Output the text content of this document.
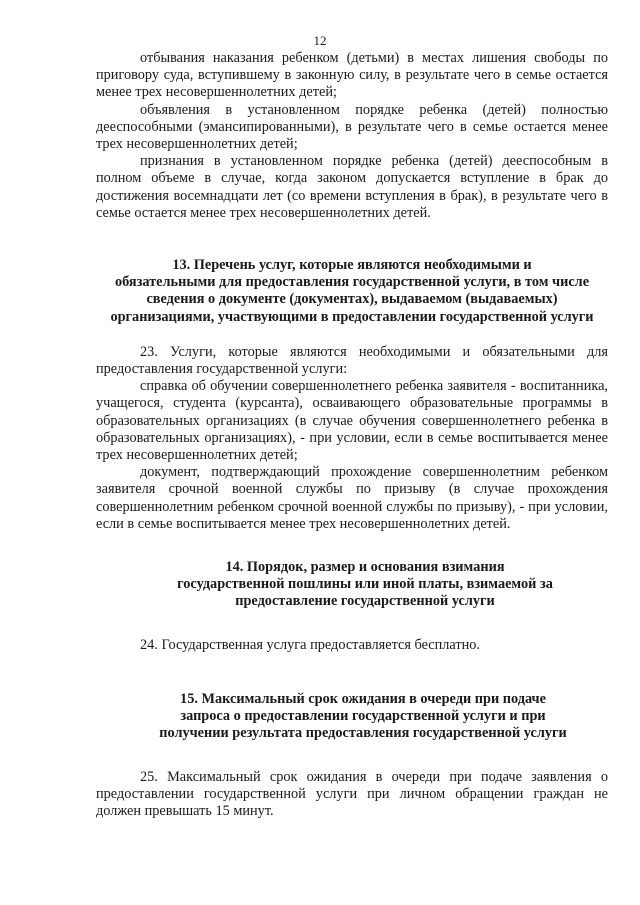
12

отбывания наказания ребенком (детьми) в местах лишения свободы по приговору суда, вступившему в законную силу, в результате чего в семье остается менее трех несовершеннолетних детей;

объявления в установленном порядке ребенка (детей) полностью дееспособными (эмансипированными), в результате чего в семье остается менее трех несовершеннолетних детей;

признания в установленном порядке ребенка (детей) дееспособным в полном объеме в случае, когда законом допускается вступление в брак до достижения восемнадцати лет (со времени вступления в брак), в результате чего в семье остается менее трех несовершеннолетних детей.

13. Перечень услуг, которые являются необходимыми и
обязательными для предоставления государственной услуги, в том числе
сведения о документе (документах), выдаваемом (выдаваемых)
организациями, участвующими в предоставлении государственной услуги

23. Услуги, которые являются необходимыми и обязательными для предоставления государственной услуги:

справка об обучении совершеннолетнего ребенка заявителя - воспитанника, учащегося, студента (курсанта), осваивающего образовательные программы в образовательных организациях (в случае обучения совершеннолетнего ребенка в образовательных организациях), - при условии, если в семье воспитывается менее трех несовершеннолетних детей;

документ, подтверждающий прохождение совершеннолетним ребенком заявителя срочной военной службы по призыву (в случае прохождения совершеннолетним ребенком срочной военной службы по призыву), - при условии, если в семье воспитывается менее трех несовершеннолетних детей.

14. Порядок, размер и основания взимания
государственной пошлины или иной платы, взимаемой за
предоставление государственной услуги

24. Государственная услуга предоставляется бесплатно.

15. Максимальный срок ожидания в очереди при подаче
запроса о предоставлении государственной услуги и при
получении результата предоставления государственной услуги

25. Максимальный срок ожидания в очереди при подаче заявления о предоставлении государственной услуги при личном обращении граждан не должен превышать 15 минут.
